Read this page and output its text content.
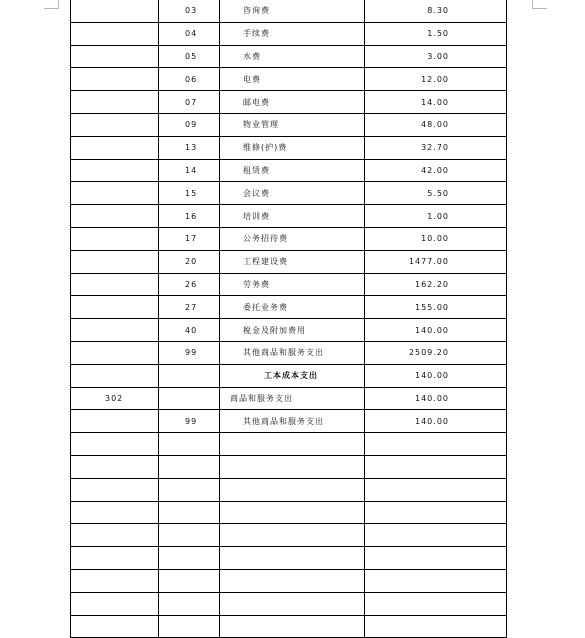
	03	咨询费	8.30
	04	手续费	1.50
	05	水费	3.00
	06	电费	12.00
	07	邮电费	14.00
	09	物业管理	48.00
	13	维修(护)费	32.70
	14	租赁费	42.00
	15	会议费	5.50
	16	培训费	1.00
	17	公务招待费	10.00
	20	工程建设费	1477.00
	26	劳务费	162.20
	27	委托业务费	155.00
	40	税金及附加费用	140.00
	99	其他商品和服务支出	2509.20
		工本成本支出	140.00
302		商品和服务支出	140.00
	99	其他商品和服务支出	140.00
